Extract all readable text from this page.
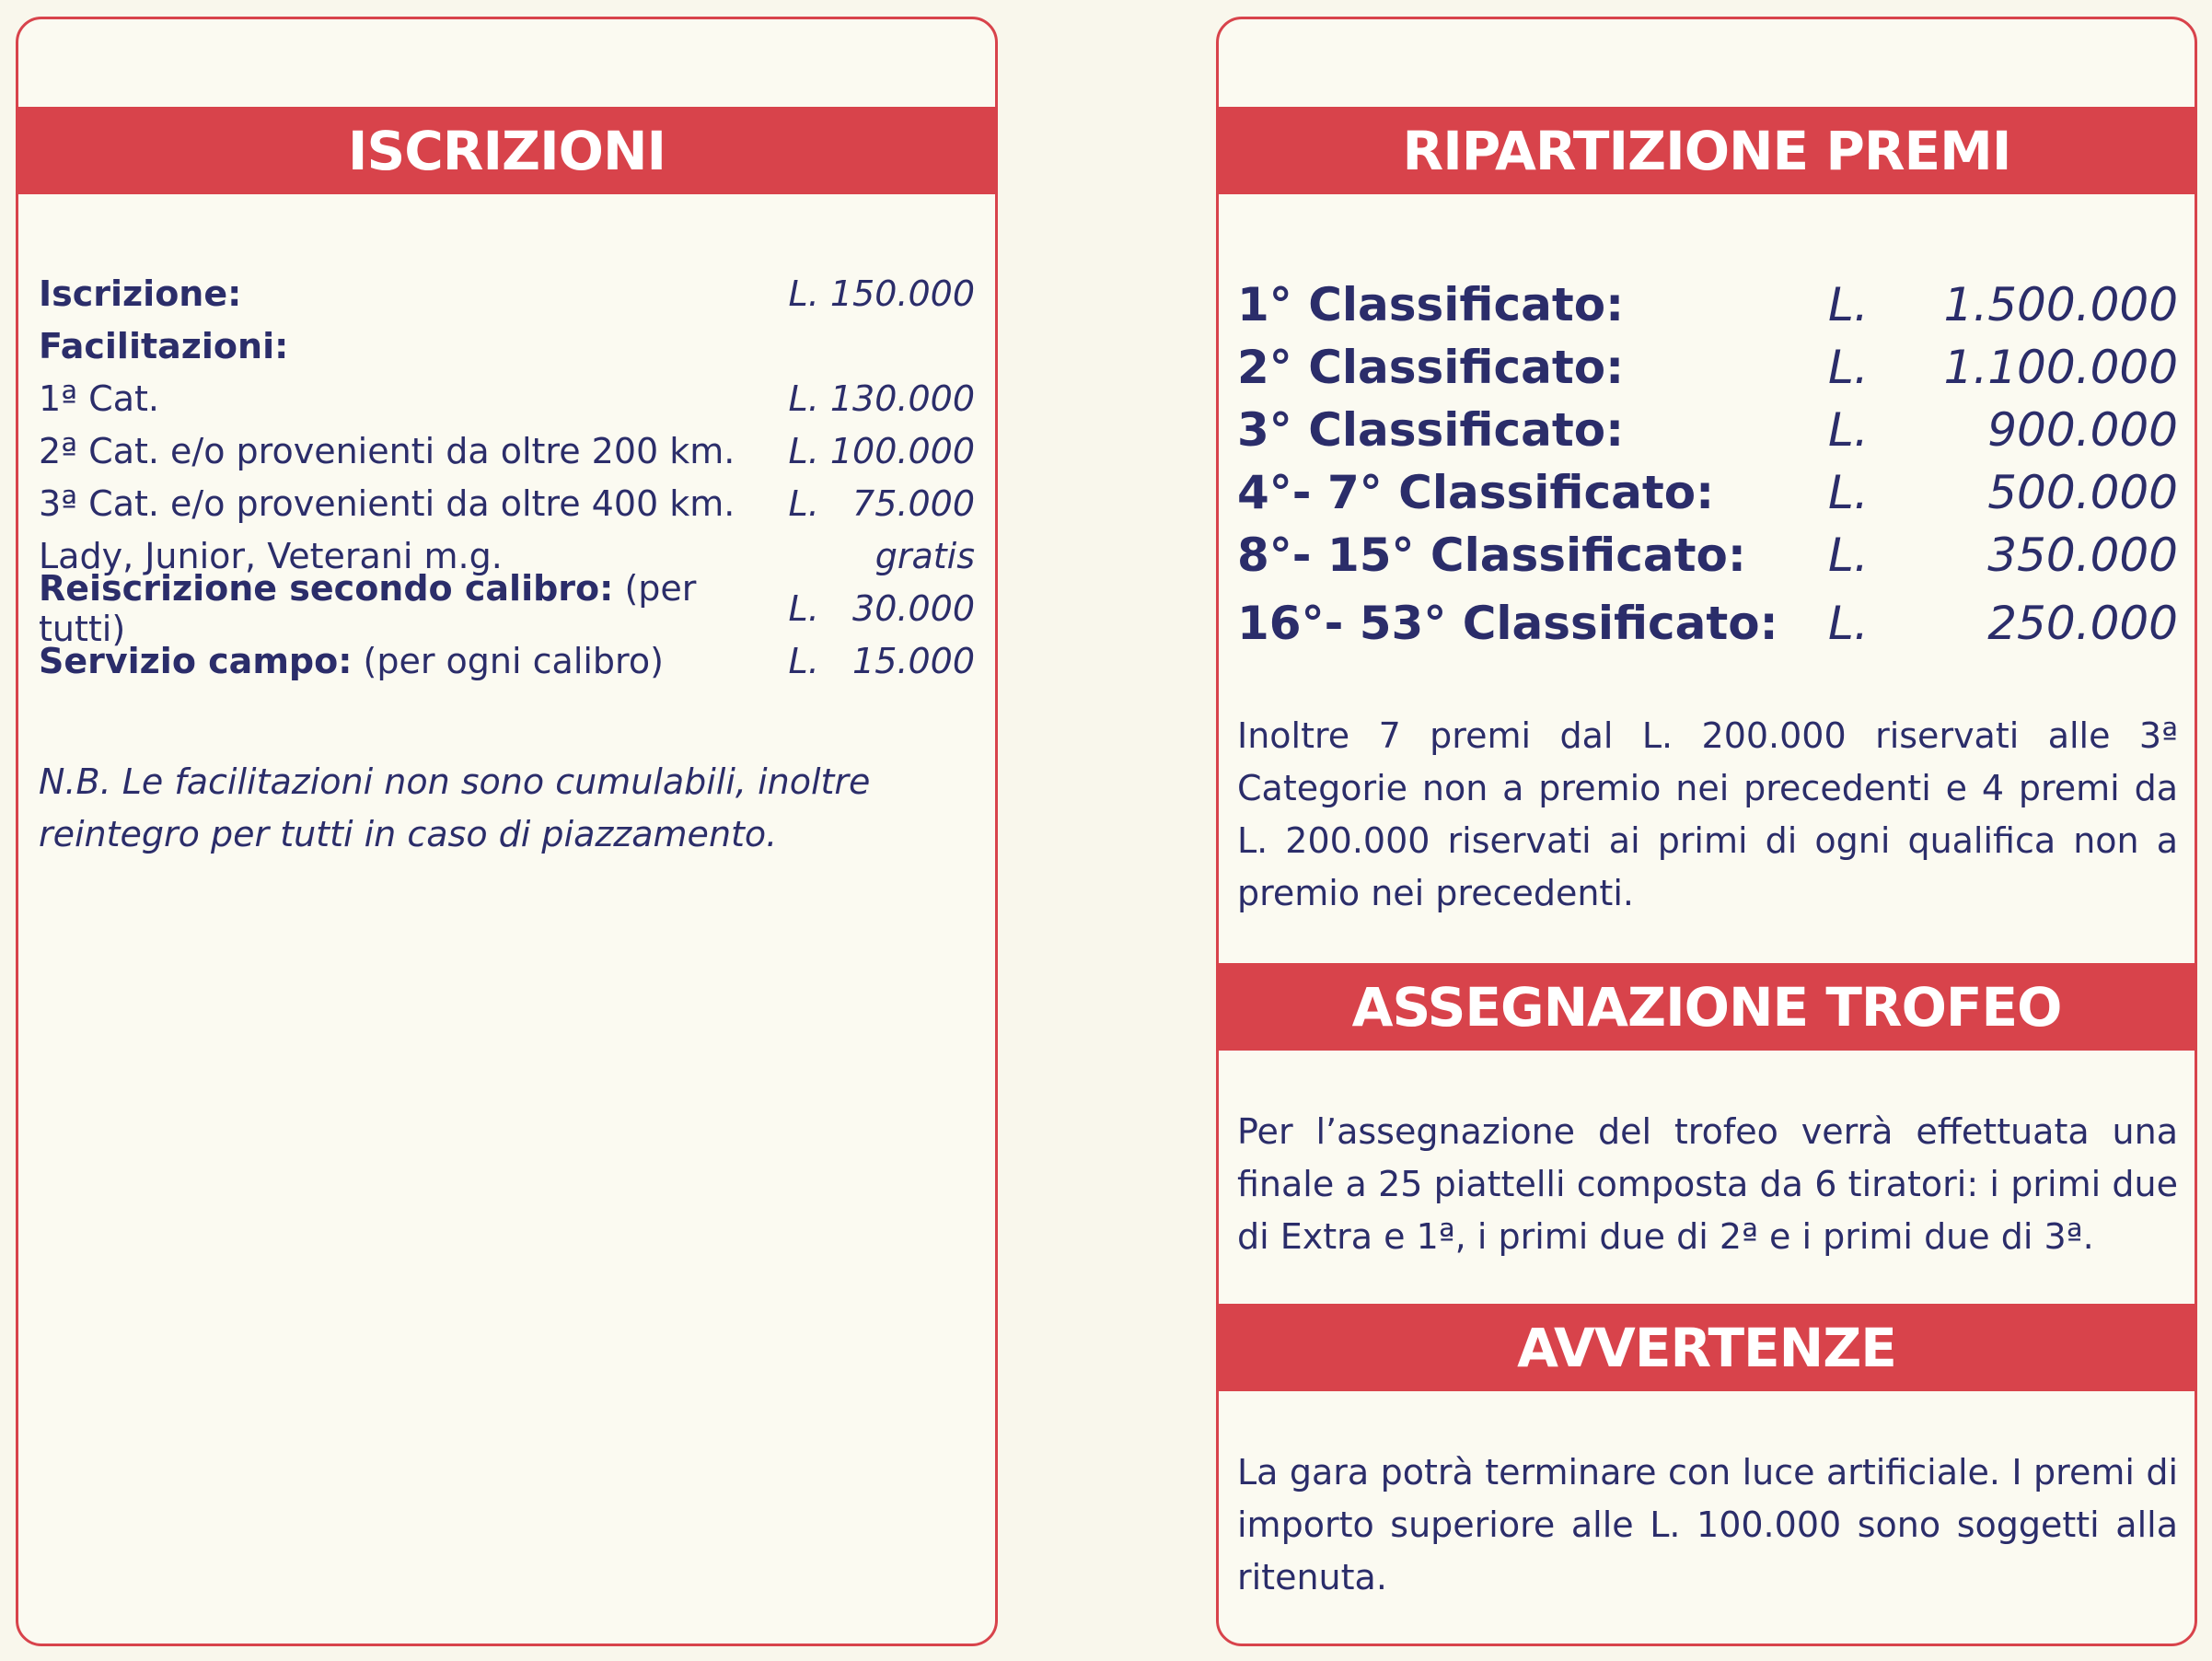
ISCRIZIONI
Iscrizione:	L. 150.000
Facilitazioni:
1ª Cat.	L. 130.000
2ª Cat. e/o provenienti da oltre 200 km. L. 100.000
3ª Cat. e/o provenienti da oltre 400 km. L.   75.000
Lady, Junior, Veterani m.g.	gratis
Reiscrizione secondo calibro: (per tutti)	L.   30.000
Servizio campo: (per ogni calibro)	L.   15.000
N.B. Le facilitazioni non sono cumulabili, inoltre reintegro per tutti in caso di piazzamento.
RIPARTIZIONE PREMI
1° Classificato:	L.	1.500.000
2° Classificato:	L.	1.100.000
3° Classificato:	L.	900.000
4°- 7° Classificato:	L.	500.000
8°- 15° Classificato:	L.	350.000
16°- 53° Classificato:	L.	250.000
Inoltre 7 premi dal L. 200.000 riservati alle 3ª Categorie non a premio nei precedenti e 4 premi da L. 200.000 riservati ai primi di ogni qualifica non a premio nei precedenti.
ASSEGNAZIONE TROFEO
Per l’assegnazione del trofeo verrà effettuata una finale a 25 piattelli composta da 6 tiratori: i primi due di Extra e 1ª, i primi due di 2ª e i primi due di 3ª.
AVVERTENZE
La gara potrà terminare con luce artificiale. I premi di importo superiore alle L. 100.000 sono soggetti alla ritenuta.
